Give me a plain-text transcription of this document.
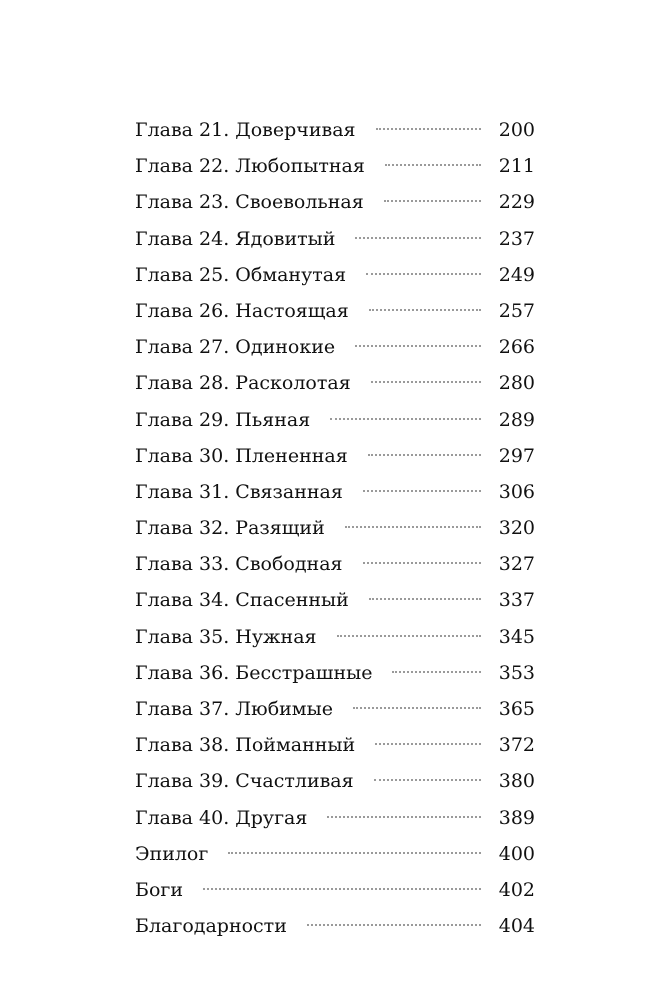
Глава 21. Доверчивая	200
Глава 22. Любопытная	211
Глава 23. Своевольная	229
Глава 24. Ядовитый	237
Глава 25. Обманутая	249
Глава 26. Настоящая	257
Глава 27. Одинокие	266
Глава 28. Расколотая	280
Глава 29. Пьяная	289
Глава 30. Плененная	297
Глава 31. Связанная	306
Глава 32. Разящий	320
Глава 33. Свободная	327
Глава 34. Спасенный	337
Глава 35. Нужная	345
Глава 36. Бесстрашные	353
Глава 37. Любимые	365
Глава 38. Пойманный	372
Глава 39. Счастливая	380
Глава 40. Другая	389
Эпилог	400
Боги	402
Благодарности	404
